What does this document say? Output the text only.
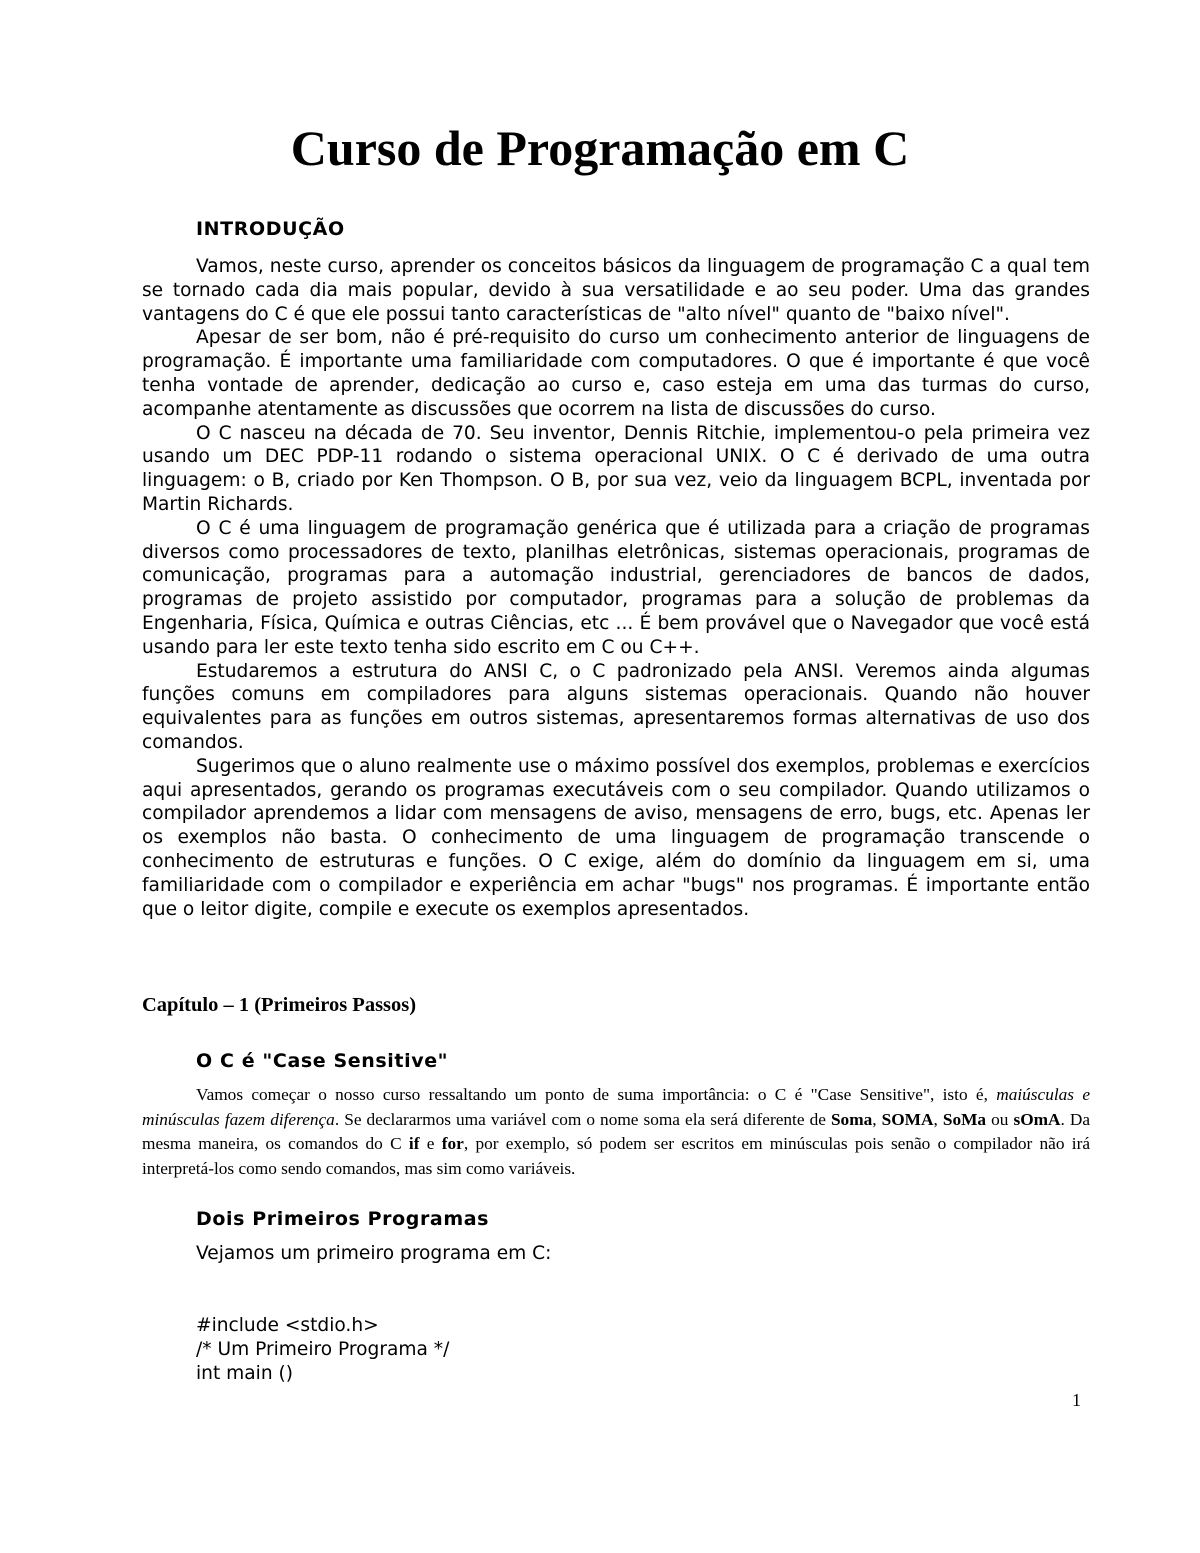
Curso de Programação em C
INTRODUÇÃO

Vamos, neste curso, aprender os conceitos básicos da linguagem de programação C a qual tem se tornado cada dia mais popular, devido à sua versatilidade e ao seu poder. Uma das grandes vantagens do C é que ele possui tanto características de "alto nível" quanto de "baixo nível".

Apesar de ser bom, não é pré-requisito do curso um conhecimento anterior de linguagens de programação. É importante uma familiaridade com computadores. O que é importante é que você tenha vontade de aprender, dedicação ao curso e, caso esteja em uma das turmas do curso, acompanhe atentamente as discussões que ocorrem na lista de discussões do curso.

O C nasceu na década de 70. Seu inventor, Dennis Ritchie, implementou-o pela primeira vez usando um DEC PDP-11 rodando o sistema operacional UNIX. O C é derivado de uma outra linguagem: o B, criado por Ken Thompson. O B, por sua vez, veio da linguagem BCPL, inventada por Martin Richards.

O C é uma linguagem de programação genérica que é utilizada para a criação de programas diversos como processadores de texto, planilhas eletrônicas, sistemas operacionais, programas de comunicação, programas para a automação industrial, gerenciadores de bancos de dados, programas de projeto assistido por computador, programas para a solução de problemas da Engenharia, Física, Química e outras Ciências, etc ... É bem provável que o Navegador que você está usando para ler este texto tenha sido escrito em C ou C++.

Estudaremos a estrutura do ANSI C, o C padronizado pela ANSI. Veremos ainda algumas funções comuns em compiladores para alguns sistemas operacionais. Quando não houver equivalentes para as funções em outros sistemas, apresentaremos formas alternativas de uso dos comandos.

Sugerimos que o aluno realmente use o máximo possível dos exemplos, problemas e exercícios aqui apresentados, gerando os programas executáveis com o seu compilador. Quando utilizamos o compilador aprendemos a lidar com mensagens de aviso, mensagens de erro, bugs, etc. Apenas ler os exemplos não basta. O conhecimento de uma linguagem de programação transcende o conhecimento de estruturas e funções. O C exige, além do domínio da linguagem em si, uma familiaridade com o compilador e experiência em achar "bugs" nos programas. É importante então que o leitor digite, compile e execute os exemplos apresentados.

Capítulo – 1 (Primeiros Passos)
O C é "Case Sensitive"

Vamos começar o nosso curso ressaltando um ponto de suma importância: o C é "Case Sensitive", isto é, maiúsculas e minúsculas fazem diferença. Se declararmos uma variável com o nome soma ela será diferente de Soma, SOMA, SoMa ou sOmA. Da mesma maneira, os comandos do C if e for, por exemplo, só podem ser escritos em minúsculas pois senão o compilador não irá interpretá-los como sendo comandos, mas sim como variáveis.

Dois Primeiros Programas
Vejamos um primeiro programa em C:
#include <stdio.h>
/* Um Primeiro Programa */
int main ()
1
